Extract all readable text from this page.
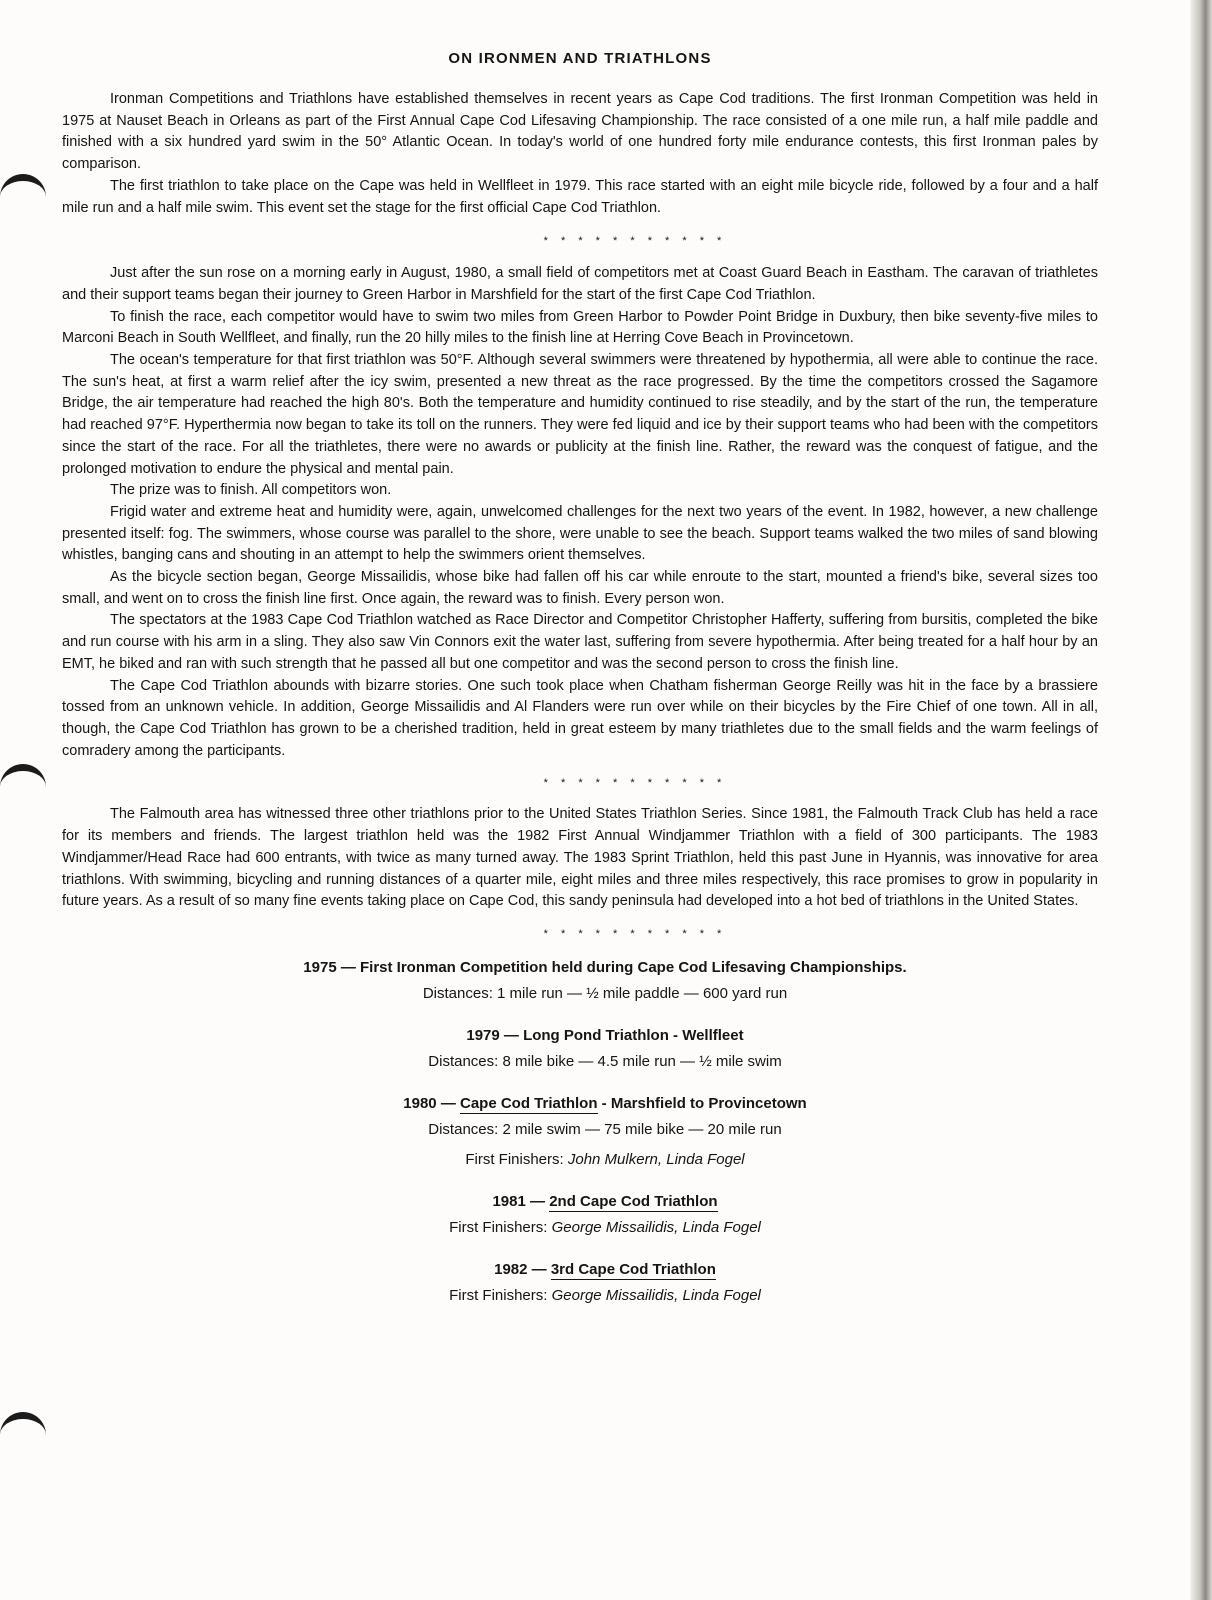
ON IRONMEN AND TRIATHLONS

Ironman Competitions and Triathlons have established themselves in recent years as Cape Cod traditions. The first Ironman Competition was held in 1975 at Nauset Beach in Orleans as part of the First Annual Cape Cod Lifesaving Championship. The race consisted of a one mile run, a half mile paddle and finished with a six hundred yard swim in the 50° Atlantic Ocean. In today's world of one hundred forty mile endurance contests, this first Ironman pales by comparison.

The first triathlon to take place on the Cape was held in Wellfleet in 1979. This race started with an eight mile bicycle ride, followed by a four and a half mile run and a half mile swim. This event set the stage for the first official Cape Cod Triathlon.

* * * * * * * * * * *

Just after the sun rose on a morning early in August, 1980, a small field of competitors met at Coast Guard Beach in Eastham. The caravan of triathletes and their support teams began their journey to Green Harbor in Marshfield for the start of the first Cape Cod Triathlon.

To finish the race, each competitor would have to swim two miles from Green Harbor to Powder Point Bridge in Duxbury, then bike seventy-five miles to Marconi Beach in South Wellfleet, and finally, run the 20 hilly miles to the finish line at Herring Cove Beach in Provincetown.

The ocean's temperature for that first triathlon was 50°F. Although several swimmers were threatened by hypothermia, all were able to continue the race. The sun's heat, at first a warm relief after the icy swim, presented a new threat as the race progressed. By the time the competitors crossed the Sagamore Bridge, the air temperature had reached the high 80's. Both the temperature and humidity continued to rise steadily, and by the start of the run, the temperature had reached 97°F. Hyperthermia now began to take its toll on the runners. They were fed liquid and ice by their support teams who had been with the competitors since the start of the race. For all the triathletes, there were no awards or publicity at the finish line. Rather, the reward was the conquest of fatigue, and the prolonged motivation to endure the physical and mental pain.

The prize was to finish. All competitors won.

Frigid water and extreme heat and humidity were, again, unwelcomed challenges for the next two years of the event. In 1982, however, a new challenge presented itself: fog. The swimmers, whose course was parallel to the shore, were unable to see the beach. Support teams walked the two miles of sand blowing whistles, banging cans and shouting in an attempt to help the swimmers orient themselves.

As the bicycle section began, George Missailidis, whose bike had fallen off his car while enroute to the start, mounted a friend's bike, several sizes too small, and went on to cross the finish line first. Once again, the reward was to finish. Every person won.

The spectators at the 1983 Cape Cod Triathlon watched as Race Director and Competitor Christopher Hafferty, suffering from bursitis, completed the bike and run course with his arm in a sling. They also saw Vin Connors exit the water last, suffering from severe hypothermia. After being treated for a half hour by an EMT, he biked and ran with such strength that he passed all but one competitor and was the second person to cross the finish line.

The Cape Cod Triathlon abounds with bizarre stories. One such took place when Chatham fisherman George Reilly was hit in the face by a brassiere tossed from an unknown vehicle. In addition, George Missailidis and Al Flanders were run over while on their bicycles by the Fire Chief of one town. All in all, though, the Cape Cod Triathlon has grown to be a cherished tradition, held in great esteem by many triathletes due to the small fields and the warm feelings of comradery among the participants.

* * * * * * * * * * *

The Falmouth area has witnessed three other triathlons prior to the United States Triathlon Series. Since 1981, the Falmouth Track Club has held a race for its members and friends. The largest triathlon held was the 1982 First Annual Windjammer Triathlon with a field of 300 participants. The 1983 Windjammer/Head Race had 600 entrants, with twice as many turned away. The 1983 Sprint Triathlon, held this past June in Hyannis, was innovative for area triathlons. With swimming, bicycling and running distances of a quarter mile, eight miles and three miles respectively, this race promises to grow in popularity in future years. As a result of so many fine events taking place on Cape Cod, this sandy peninsula had developed into a hot bed of triathlons in the United States.

* * * * * * * * * * *
1975 — First Ironman Competition held during Cape Cod Lifesaving Championships.
Distances: 1 mile run — ½ mile paddle — 600 yard run
1979 — Long Pond Triathlon - Wellfleet
Distances: 8 mile bike — 4.5 mile run — ½ mile swim
1980 — Cape Cod Triathlon - Marshfield to Provincetown
Distances: 2 mile swim — 75 mile bike — 20 mile run
First Finishers: John Mulkern, Linda Fogel
1981 — 2nd Cape Cod Triathlon
First Finishers: George Missailidis, Linda Fogel
1982 — 3rd Cape Cod Triathlon
First Finishers: George Missailidis, Linda Fogel
